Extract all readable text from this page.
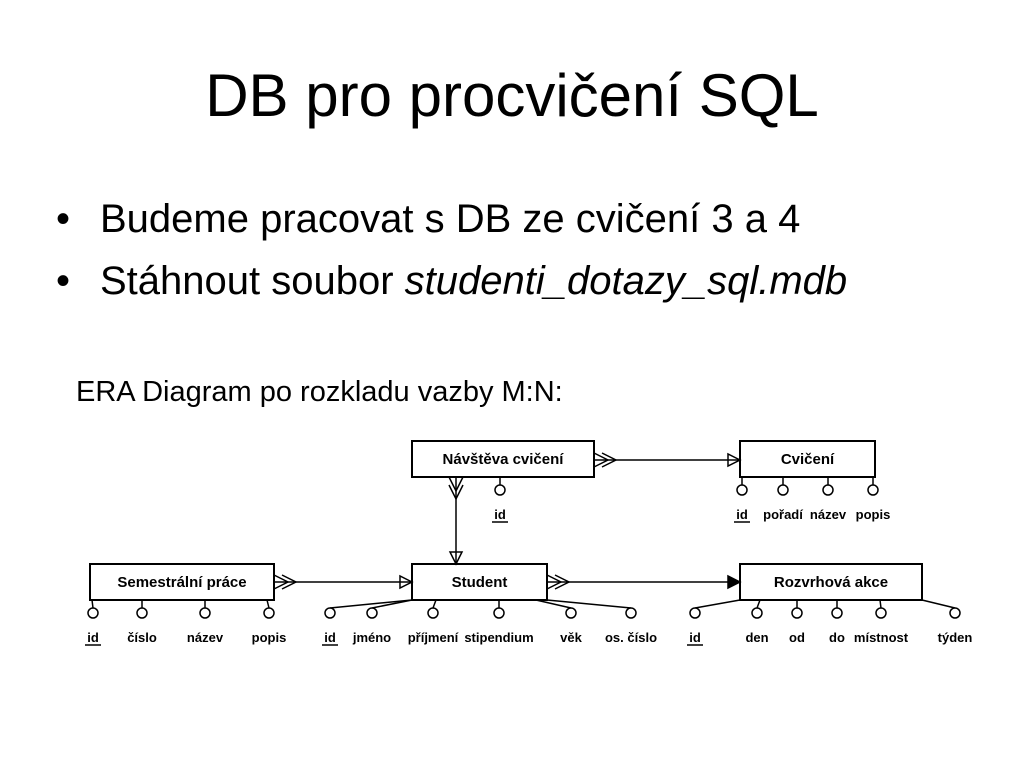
DB pro procvičení SQL
• Budeme pracovat s DB ze cvičení 3 a 4
• Stáhnout soubor studenti_dotazy_sql.mdb
ERA Diagram po rozkladu vazby M:N:
Návštěva cvičení
id
Cvičení
id pořadí název popis
Semestrální práce
id číslo název popis
Student
id jméno příjmení stipendium věk os. číslo
Rozvrhová akce
id	den od do místnost týden
